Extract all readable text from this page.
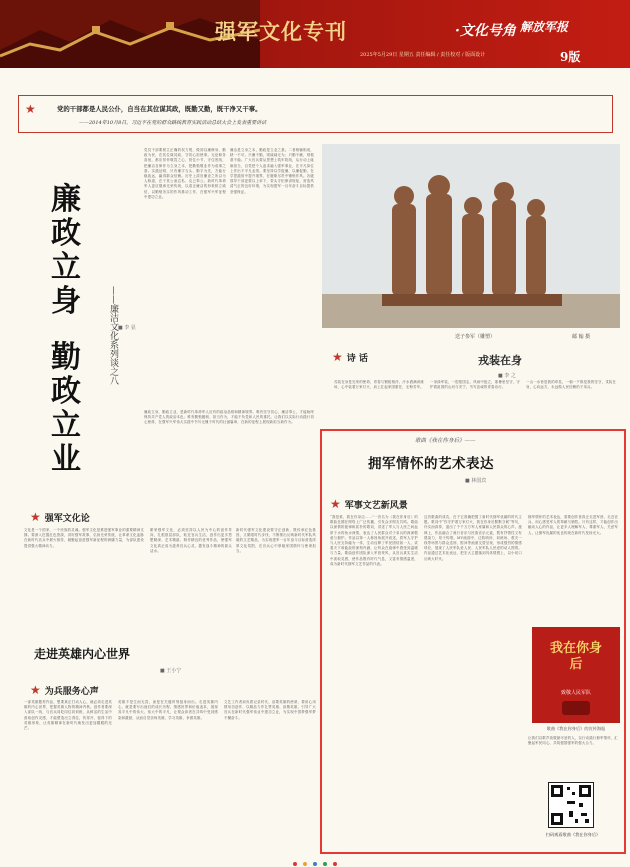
强军文化专刊	·文化号角 解放军报
2025年5月29日 星期五 责任编辑 / 责任校对 / 版面设计	9版
★	党的干部都是人民公仆，自当在其位谋其政，既勤又勤，既干净又干事。
——2014年10月8日，习近平在党的群众路线教育实践活动总结大会上发表重要讲话
廉
政
立
身
勤
政
立
业
——廉洁文化系列谈之八 ■ 李 显
党员干部要树立正确的权力观，做到以廉修身、勤政为民，在其位谋其政，守初心担使命。无论职务高低，都应常怀敬畏之心，管住小节，守住底线，把廉洁自律作为立身之本，把勤勉敬业作为成事之基。实践证明，只有廉字当头、勤字为先，方能行稳致远，赢得群众信赖。历史上清官廉吏之所以为人称道，在于其公而忘私、克己奉公。新时代革命军人更应继承光荣传统，以清正廉洁的形象树立威信，以勤勉务实的作风推动工作，在强军兴军征程中建功立业。
廉洁是立身之本，勤政是立业之基。二者相辅相成，缺一不可。只廉不勤，则碌碌无为；只勤不廉，则根基不稳。广大官兵要从思想上筑牢防线，从行动上砥砺担当，自觉把个人追求融入强军事业，在平凡岗位上作出不平凡业绩。要坚持以学促廉、以廉促勤，在学思践悟中提升境界，在履职尽责中锤炼作风。各级领导干部更要以上率下，带头守纪律讲规矩，营造风清气正的良好环境，为实现建军一百年奋斗目标提供坚强保证。
廉政立身，勤政立业，是新时代革命军人应有的政治品格和精神境界。唯有坚守初心、廉洁奉公，才能始终保持共产党人的政治本色；唯有勤勉履职、担当作为，才能不负党和人民的重托。让我们以实际行动践行初心使命，在强军兴军伟大实践中书写无愧于时代的壮丽篇章，在新的征程上展现新担当新作为。
★ 强军文化论
文化是一个国家、一个民族的灵魂。强军文化是推进强军事业的重要精神支撑。要深入挖掘红色资源，讲好强军故事，弘扬光荣传统，让革命文化血脉在新时代官兵中薪火相传，凝聚起奋进强军新征程的磅礴力量，为部队建设提供强大精神动力。
繁荣强军文化，必须坚持以人民为中心的创作导向，扎根基层部队，贴近官兵生活，创作出更多思想精深、艺术精湛、制作精良的优秀作品，使强军文化真正成为滋养官兵心灵、激发战斗精神的源头活水。
新时代强军文化建设要守正创新，既传承红色基因，又紧跟时代步伐，不断推出反映新时代军队风貌的文艺精品，为实现建军一百年奋斗目标营造浓厚文化氛围，在官兵心中厚植家国情怀与使命担当。
★ 为兵服务心声
一部英雄题材作品，想要真正打动人心，就必须走进英雄的内心世界，把握英雄人物的精神内核。创作者要深入部队一线，与官兵同吃同住同训练，从鲜活的生活中汲取创作灵感，才能塑造出立得住、传得开、留得下的英雄形象，让英雄精神在新时代焕发出更加耀眼的光芒。
英雄不是生而无畏，而是在关键时刻挺身而出。走进英雄内心，就是要写出他们的成长历程、情感世界和价值追求，展现其平凡中的伟大、伟大中的平凡，让观众读者在共鸣中受到感染和激励，从而自觉崇尚英雄、学习英雄、争做英雄。
文艺工作者肩负着记录时代、讴歌英雄的使命，要用心用情用功创作，以精品力作礼赞英雄、致敬英雄，引导广大官兵在新时代强军伟业中建功立业，为实现中国梦强军梦不懈奋斗。
走进英雄内心世界
■ 王小宁
送子参军（雕塑）	邮 翰 摄
★ 诗 话	戎装在身
■ 李 之
戎装在身是光荣的使命，青春与钢枪相伴，汗水洒满训练场，心中装着万家灯火，肩上扛起家国重任，无悔芳华。
一身绿军装，一腔报国志，风雨中挺立，寒暑里坚守，守护着祖国的山河与安宁，书写忠诚的青春诗行。
一山一水皆是我的牵挂，一朝一夕都是我的坚守，戎装在身，心向远方，永远做人民信赖的子弟兵。
歌曲《我在你身后》——
拥军情怀的艺术表达
■ 林国宾
★ 军事文艺新风景
“我是谁，我在你身边……”一首名为《我在你身后》的歌曲近期在网络上广泛传播，引发众多网友共鸣。歌曲以深情的旋律和质朴的歌词，讲述了军人与人民之间血浓于水的鱼水深情，表达了人民群众对子弟兵的深深敬意与拥护。作品以第一人称视角展开叙述，将军人守护与人民支持融为一体，生动诠释了军民团结如一人、试看天下谁能敌的深刻内涵，让听众在旋律中感受到温暖与力量。歌曲创作团队深入军营采风，从官兵真实生活中汲取灵感，使作品既有时代气息，又富有情感温度，成为新时代拥军文艺作品的代表。
这首歌曲的成功，在于它准确把握了新时代拥军优属的时代主题。歌词中“你守护着万家灯火，我在你身后默默守候”等句，朴实而真挚，道出了千千万万军人家属和人民群众的心声。旋律上，作品融合了流行音乐与民族音乐元素，既有抒情性又有感染力，易于传唱。MV画面中，边防哨所、训练场、救灾一线等场景与群众送别、慰问等画面交替呈现，形成强烈的情感呼应，展现了人民军队爱人民、人民军队人民爱的动人图景。作品通过艺术化表达，把宏大主题落到具体情感上，以小切口反映大时代。
拥军情怀的艺术表达，需要创作者真正走进军营、走近官兵，用心感受军人的奉献与牺牲。只有这样，才能创作出触动人心的作品，让更多人理解军人、尊重军人、关爱军人，让拥军优属的优良传统在新时代发扬光大。
我在你身后
致敬人民军队
歌曲《我在你身后》的宣传海报
让我们以歌声致敬最可爱的人，以行动践行拥军情怀，汇聚起军民同心、共筑强国强军的强大合力。
扫码观看歌曲《我在你身后》
